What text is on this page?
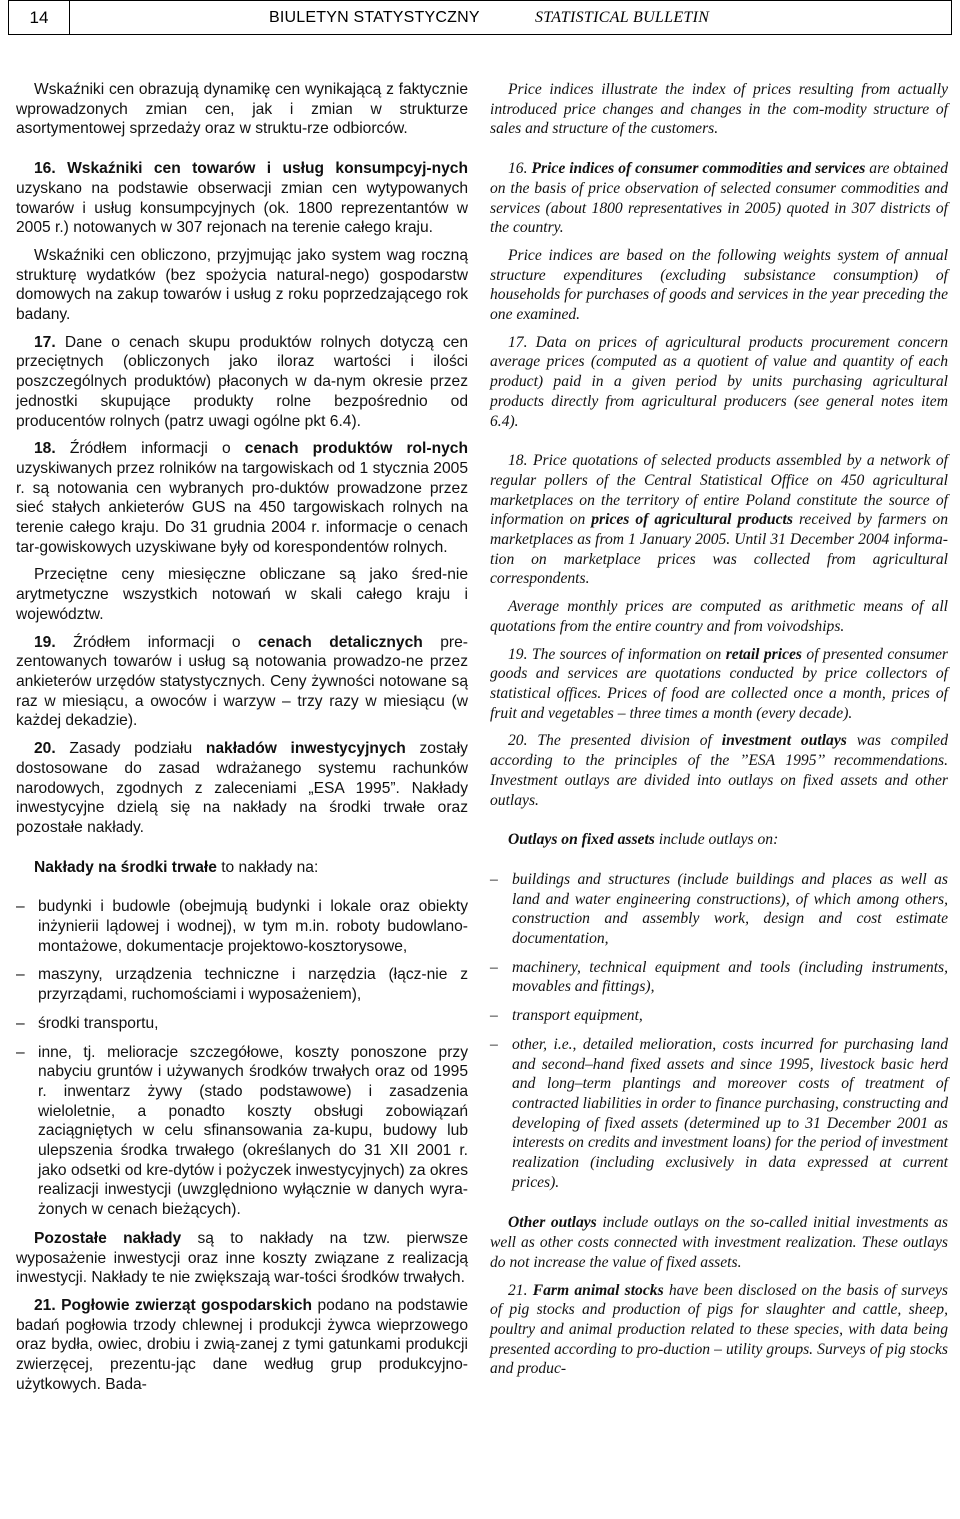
14	BIULETYN STATYSTYCZNY	STATISTICAL BULLETIN

Wskaźniki cen obrazują dynamikę cen wynikającą z faktycznie wprowadzonych zmian cen, jak i zmian w strukturze asortymentowej sprzedaży oraz w struktu-rze odbiorców.

16. Wskaźniki cen towarów i usług konsumpcyj-nych uzyskano na podstawie obserwacji zmian cen wytypowanych towarów i usług konsumpcyjnych (ok. 1800 reprezentantów w 2005 r.) notowanych w 307 rejonach na terenie całego kraju.

Wskaźniki cen obliczono, przyjmując jako system wag roczną strukturę wydatków (bez spożycia natural-nego) gospodarstw domowych na zakup towarów i usług z roku poprzedzającego rok badany.

17. Dane o cenach skupu produktów rolnych dotyczą cen przeciętnych (obliczonych jako iloraz wartości i ilości poszczególnych produktów) płaconych w da-nym okresie przez jednostki skupujące produkty rolne bezpośrednio od producentów rolnych (patrz uwagi ogólne pkt 6.4).

18. Źródłem informacji o cenach produktów rol-nych uzyskiwanych przez rolników na targowiskach od 1 stycznia 2005 r. są notowania cen wybranych pro-duktów prowadzone przez sieć stałych ankieterów GUS na 450 targowiskach rolnych na terenie całego kraju. Do 31 grudnia 2004 r. informacje o cenach tar-gowiskowych uzyskiwane były od korespondentów rolnych.

Przeciętne ceny miesięczne obliczane są jako śred-nie arytmetyczne wszystkich notowań w skali całego kraju i województw.

19. Źródłem informacji o cenach detalicznych pre-zentowanych towarów i usług są notowania prowadzo-ne przez ankieterów urzędów statystycznych. Ceny żywności notowane są raz w miesiącu, a owoców i warzyw – trzy razy w miesiącu (w każdej dekadzie).

20. Zasady podziału nakładów inwestycyjnych zostały dostosowane do zasad wdrażanego systemu rachunków narodowych, zgodnych z zaleceniami „ESA 1995”. Nakłady inwestycyjne dzielą się na nakłady na środki trwałe oraz pozostałe nakłady.

Nakłady na środki trwałe to nakłady na:

– budynki i budowle (obejmują budynki i lokale oraz obiekty inżynierii lądowej i wodnej), w tym m.in. roboty budowlano-montażowe, dokumentacje projektowo-kosztorysowe,
– maszyny, urządzenia techniczne i narzędzia (łącz-nie z przyrządami, ruchomościami i wyposażeniem),
– środki transportu,
– inne, tj. melioracje szczegółowe, koszty ponoszone przy nabyciu gruntów i używanych środków trwałych oraz od 1995 r. inwentarz żywy (stado podstawowe) i zasadzenia wieloletnie, a ponadto koszty obsługi zobowiązań zaciągniętych w celu sfinansowania za-kupu, budowy lub ulepszenia środka trwałego (określanych do 31 XII 2001 r. jako odsetki od kre-dytów i pożyczek inwestycyjnych) za okres realizacji inwestycji (uwzględniono wyłącznie w danych wyra-żonych w cenach bieżących).

Pozostałe nakłady są to nakłady na tzw. pierwsze wyposażenie inwestycji oraz inne koszty związane z realizacją inwestycji. Nakłady te nie zwiększają war-tości środków trwałych.

21. Pogłowie zwierząt gospodarskich podano na podstawie badań pogłowia trzody chlewnej i produkcji żywca wieprzowego oraz bydła, owiec, drobiu i zwią-zanej z tymi gatunkami produkcji zwierzęcej, prezentu-jąc dane według grup produkcyjno-użytkowych. Bada-

Price indices illustrate the index of prices resulting from actually introduced price changes and changes in the com-modity structure of sales and structure of the customers.

16. Price indices of consumer commodities and services are obtained on the basis of price observation of selected consumer commodities and services (about 1800 representatives in 2005) quoted in 307 districts of the country.

Price indices are based on the following weights system of annual structure expenditures (excluding subsistance consumption) of households for purchases of goods and services in the year preceding the one examined.

17. Data on prices of agricultural products procurement concern average prices (computed as a quotient of value and quantity of each product) paid in a given period by units purchasing agricultural products directly from agricultural producers (see general notes item 6.4).

18. Price quotations of selected products assembled by a network of regular pollers of the Central Statistical Office on 450 agricultural marketplaces on the territory of entire Poland constitute the source of information on prices of agricultural products received by farmers on marketplaces as from 1 January 2005. Until 31 December 2004 informa-tion on marketplace prices was collected from agricultural correspondents.

Average monthly prices are computed as arithmetic means of all quotations from the entire country and from voivodships.

19. The sources of information on retail prices of presented consumer goods and services are quotations conducted by price collectors of statistical offices. Prices of food are collected once a month, prices of fruit and vegetables – three times a month (every decade).

20. The presented division of investment outlays was compiled according to the principles of the ’’ESA 1995’’ recommendations. Investment outlays are divided into outlays on fixed assets and other outlays.

Outlays on fixed assets include outlays on:

– buildings and structures (include buildings and places as well as land and water engineering constructions), of which among others, construction and assembly work, design and cost estimate documentation,
– machinery, technical equipment and tools (including instruments, movables and fittings),
– transport equipment,
– other, i.e., detailed melioration, costs incurred for purchasing land and second–hand fixed assets and since 1995, livestock basic herd and long–term plantings and moreover costs of treatment of contracted liabilities in order to finance purchasing, constructing and developing of fixed assets (determined up to 31 December 2001 as interests on credits and investment loans) for the period of investment realization (including exclusively in data expressed at current prices).

Other outlays include outlays on the so-called initial investments as well as other costs connected with investment realization. These outlays do not increase the value of fixed assets.

21. Farm animal stocks have been disclosed on the basis of surveys of pig stocks and production of pigs for slaughter and cattle, sheep, poultry and animal production related to these species, with data being presented according to pro-duction – utility groups. Surveys of pig stocks and produc-
